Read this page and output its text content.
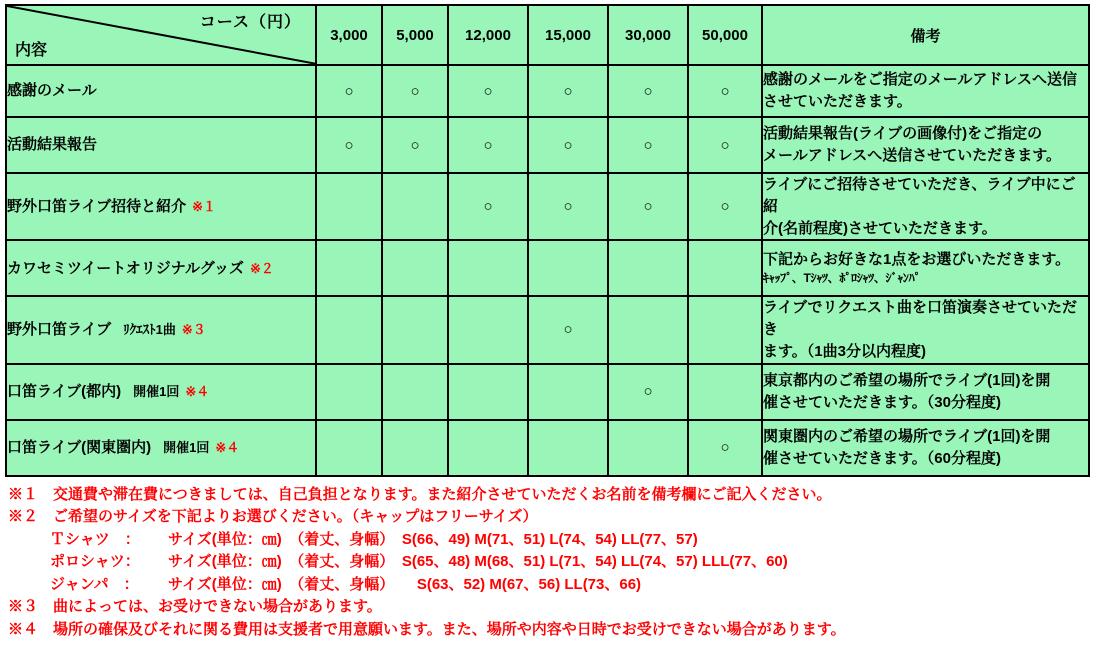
コース（円）
内容	3,000	5,000	12,000	15,000	30,000	50,000	備考
感謝のメール	○	○	○	○	○	○	感謝のメールをご指定のメールアドレスへ送信
させていただきます。

活動結果報告	○	○	○	○	○	○	活動結果報告(ライブの画像付)をご指定の
メールアドレスへ送信させていただきます。

野外口笛ライブ招待と紹介 ※１			○	○	○	○	ライブにご招待させていただき、ライブ中にご紹
介(名前程度)させていただきます。

カワセミツイートオリジナルグッズ ※２							下記からお好きな1点をお選びいただきます。
ｷｬｯﾌﾟ、Tｼｬﾂ、ﾎﾟﾛｼｬﾂ、ｼﾞｬﾝﾊﾟ

野外口笛ライブ ﾘｸｴｽﾄ1曲 ※３				○			ライブでリクエスト曲を口笛演奏させていただき
ます。（1曲3分以内程度)

口笛ライブ(都内) 開催1回 ※４					○		東京都内のご希望の場所でライブ(1回)を開
催させていただきます。（30分程度)

口笛ライブ(関東圏内) 開催1回 ※４						○	関東圏内のご希望の場所でライブ(1回)を開
催させていただきます。（60分程度)
※１　交通費や滞在費につきましては、自己負担となります。また紹介させていただくお名前を備考欄にご記入ください。
※２　ご希望のサイズを下記よりお選びください。（キャップはフリーサイズ）
Ｔシャツ　： サイズ(単位：㎝)　（着丈、身幅）　 S(66、49) M(71、51) L(74、54) LL(77、57)
ポロシャツ： サイズ(単位：㎝)　（着丈、身幅）　 S(65、48) M(68、51) L(71、54) LL(74、57) LLL(77、60)
ジャンパ　： サイズ(単位：㎝)　（着丈、身幅）　　 S(63、52) M(67、56) LL(73、66)
※３　曲によっては、お受けできない場合があります。
※４　場所の確保及びそれに関る費用は支援者で用意願います。また、場所や内容や日時でお受けできない場合があります。
